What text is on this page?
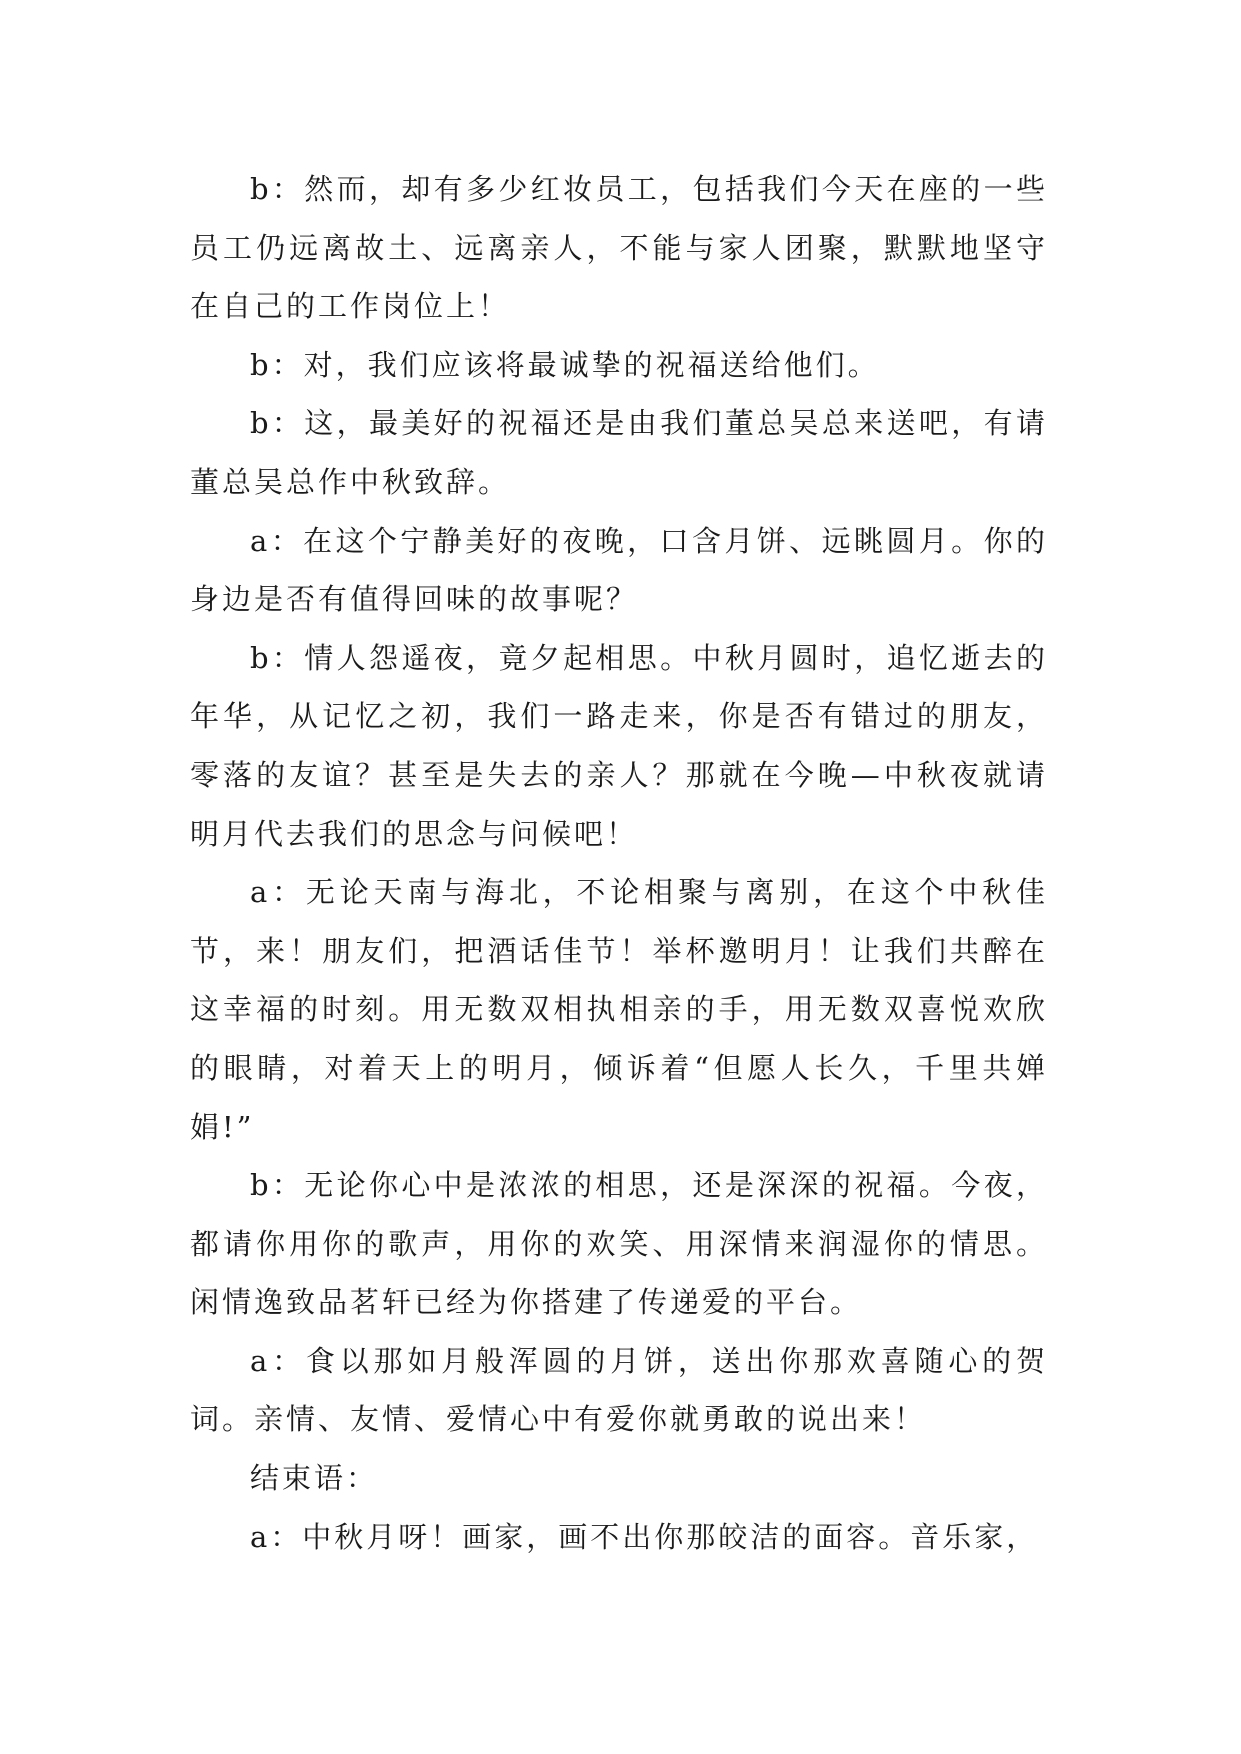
b：然而，却有多少红妆员工，包括我们今天在座的一些员工仍远离故土、远离亲人，不能与家人团聚，默默地坚守在自己的工作岗位上！

b：对，我们应该将最诚挚的祝福送给他们。

b：这，最美好的祝福还是由我们董总吴总来送吧，有请董总吴总作中秋致辞。

a：在这个宁静美好的夜晚，口含月饼、远眺圆月。你的身边是否有值得回味的故事呢？

b：情人怨遥夜，竟夕起相思。中秋月圆时，追忆逝去的年华，从记忆之初，我们一路走来，你是否有错过的朋友，零落的友谊？甚至是失去的亲人？那就在今晚—中秋夜就请明月代去我们的思念与问候吧！

a：无论天南与海北，不论相聚与离别，在这个中秋佳节，来！朋友们，把酒话佳节！举杯邀明月！让我们共醉在这幸福的时刻。用无数双相执相亲的手，用无数双喜悦欢欣的眼睛，对着天上的明月，倾诉着“但愿人长久，千里共婵娟!”

b：无论你心中是浓浓的相思，还是深深的祝福。今夜，都请你用你的歌声，用你的欢笑、用深情来润湿你的情思。闲情逸致品茗轩已经为你搭建了传递爱的平台。

a：食以那如月般浑圆的月饼，送出你那欢喜随心的贺词。亲情、友情、爱情心中有爱你就勇敢的说出来！

结束语：

a：中秋月呀！画家，画不出你那皎洁的面容。音乐家，
